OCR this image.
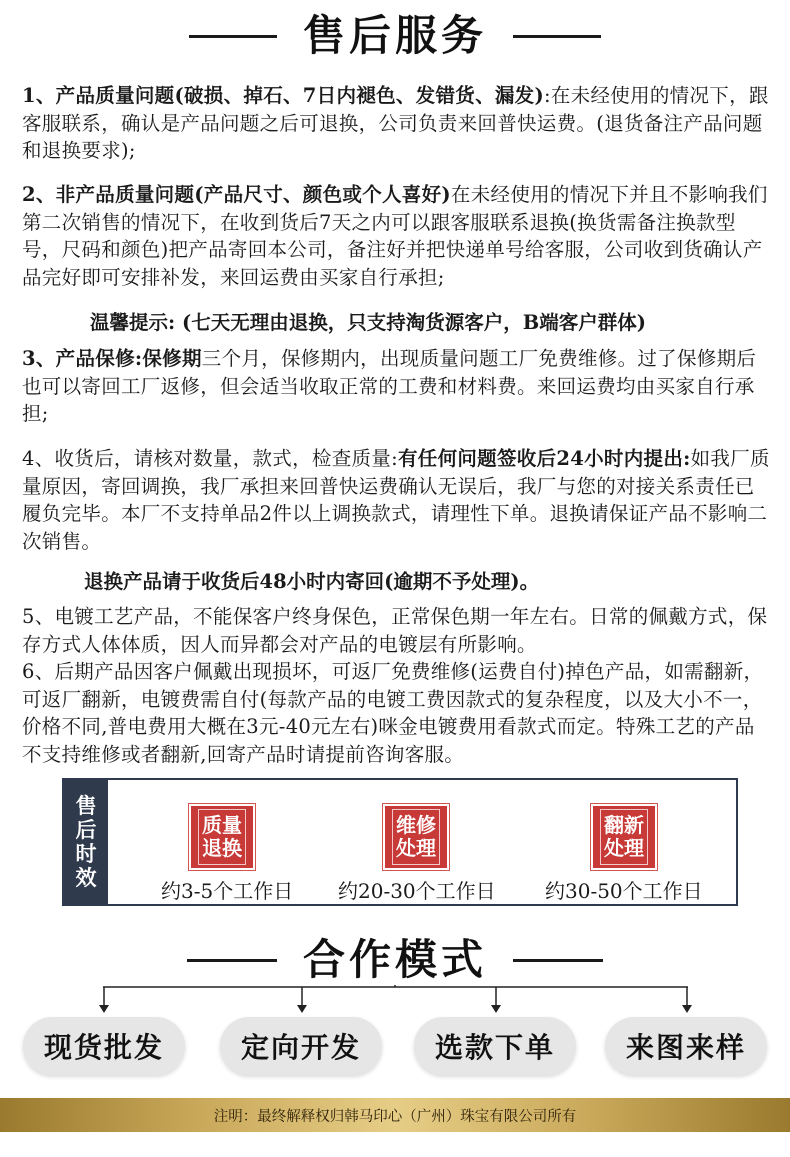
售后服务
1、产品质量问题(破损、掉石、7日内褪色、发错货、漏发):在未经使用的情况下，跟客服联系，确认是产品问题之后可退换，公司负责来回普快运费。(退货备注产品问题和退换要求);
2、非产品质量问题(产品尺寸、颜色或个人喜好)在未经使用的情况下并且不影响我们第二次销售的情况下，在收到货后7天之内可以跟客服联系退换(换货需备注换款型号，尺码和颜色)把产品寄回本公司，备注好并把快递单号给客服，公司收到货确认产品完好即可安排补发，来回运费由买家自行承担;
温馨提示: (七天无理由退换，只支持淘货源客户，B端客户群体)
3、产品保修:保修期三个月，保修期内，出现质量问题工厂免费维修。过了保修期后也可以寄回工厂返修，但会适当收取正常的工费和材料费。来回运费均由买家自行承担;
4、收货后，请核对数量，款式，检查质量:有任何问题签收后24小时内提出:如我厂质量原因，寄回调换，我厂承担来回普快运费确认无误后，我厂与您的对接关系责任已履负完毕。本厂不支持单品2件以上调换款式，请理性下单。退换请保证产品不影响二次销售。
退换产品请于收货后48小时内寄回(逾期不予处理)。
5、电镀工艺产品，不能保客户终身保色，正常保色期一年左右。日常的佩戴方式，保存方式人体体质，因人而异都会对产品的电镀层有所影响。
6、后期产品因客户佩戴出现损坏，可返厂免费维修(运费自付)掉色产品，如需翻新，可返厂翻新，电镀费需自付(每款产品的电镀工费因款式的复杂程度，以及大小不一，价格不同,普电费用大概在3元-40元左右)咪金电镀费用看款式而定。特殊工艺的产品不支持维修或者翻新,回寄产品时请提前咨询客服。
售
后
时
效
质量
退换
约3-5个工作日
维修
处理
约20-30个工作日
翻新
处理
约30-50个工作日
合作模式
现货批发	定向开发	选款下单	来图来样
注明：最终解释权归韩马印心（广州）珠宝有限公司所有
